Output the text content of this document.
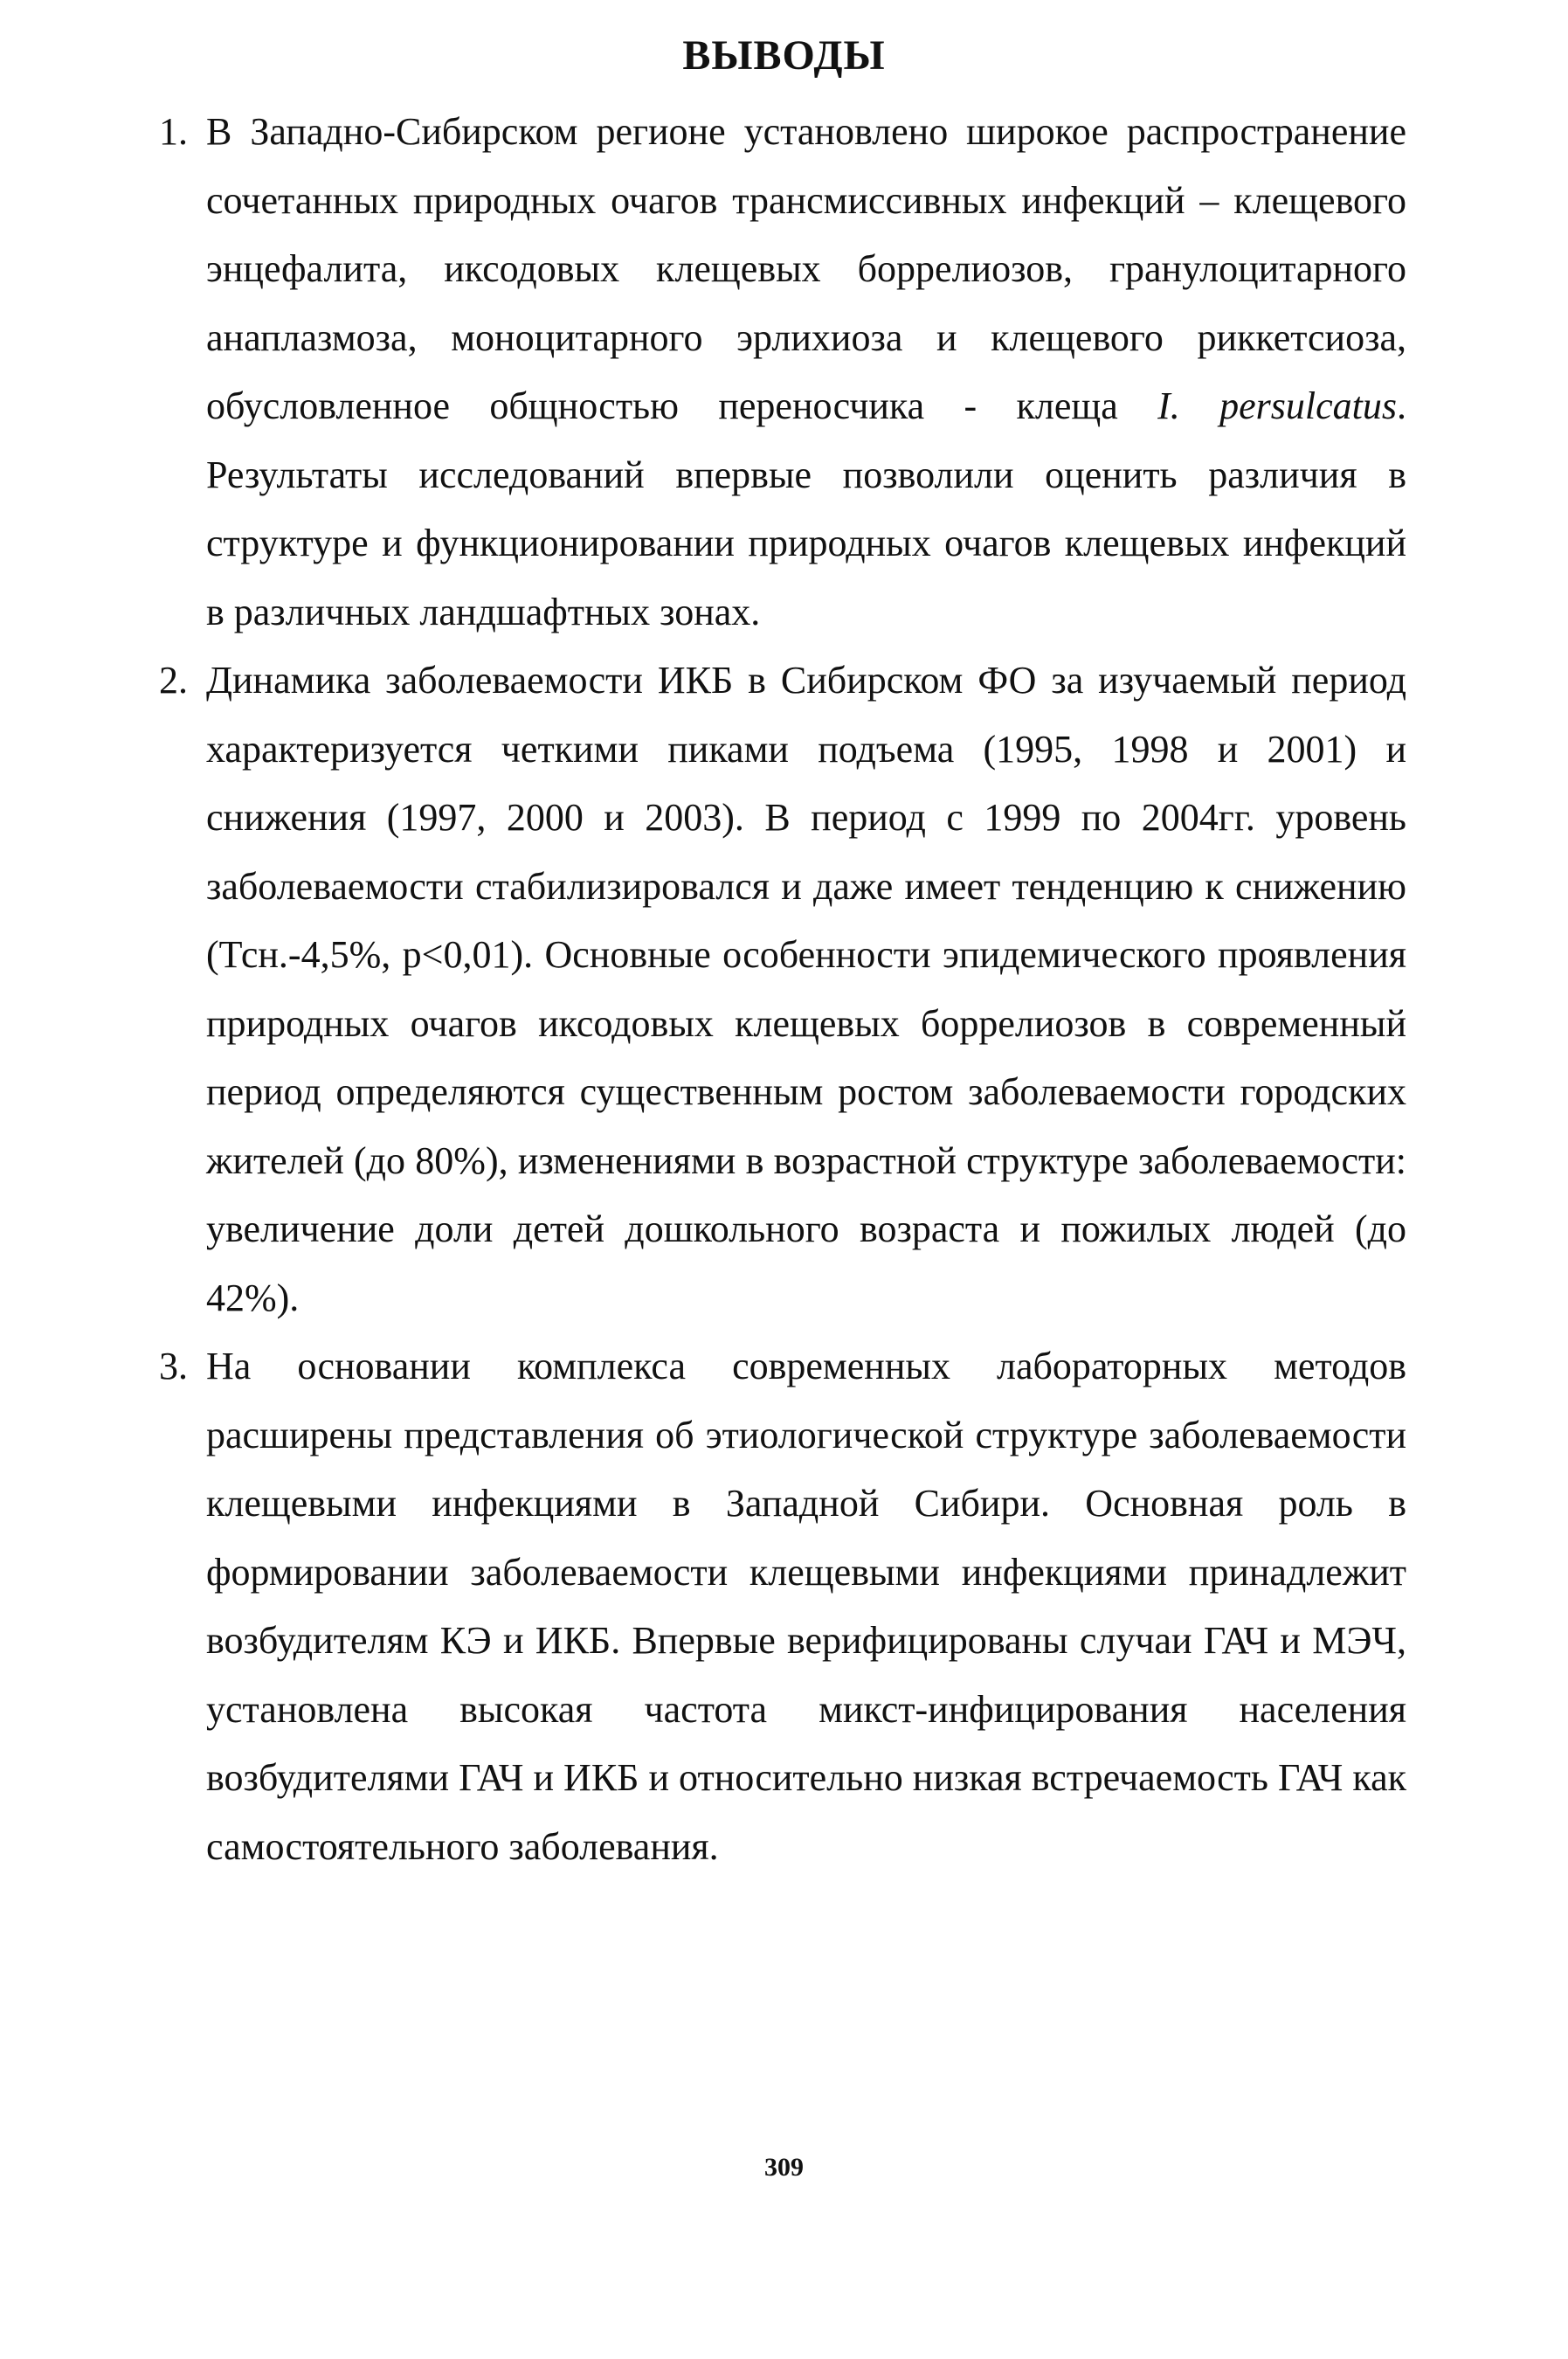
ВЫВОДЫ
1. В Западно-Сибирском регионе установлено широкое распространение сочетанных природных очагов трансмиссивных инфекций – клещевого энцефалита, иксодовых клещевых боррелиозов, гранулоцитарного анаплазмоза, моноцитарного эрлихиоза и клещевого риккетсиоза, обусловленное общностью переносчика - клеща I. persulcatus. Результаты исследований впервые позволили оценить различия в структуре и функционировании природных очагов клещевых инфекций в различных ландшафтных зонах.
2. Динамика заболеваемости ИКБ в Сибирском ФО за изучаемый период характеризуется четкими пиками подъема (1995, 1998 и 2001) и снижения (1997, 2000 и 2003). В период с 1999 по 2004гг. уровень заболеваемости стабилизировался и даже имеет тенденцию к снижению (Тсн.-4,5%, р<0,01). Основные особенности эпидемического проявления природных очагов иксодовых клещевых боррелиозов в современный период определяются существенным ростом заболеваемости городских жителей (до 80%), изменениями в возрастной структуре заболеваемости: увеличение доли детей дошкольного возраста и пожилых людей (до 42%).
3. На основании комплекса современных лабораторных методов расширены представления об этиологической структуре заболеваемости клещевыми инфекциями в Западной Сибири. Основная роль в формировании заболеваемости клещевыми инфекциями принадлежит возбудителям КЭ и ИКБ. Впервые верифицированы случаи ГАЧ и МЭЧ, установлена высокая частота микст-инфицирования населения возбудителями ГАЧ и ИКБ и относительно низкая встречаемость ГАЧ как самостоятельного заболевания.
309
